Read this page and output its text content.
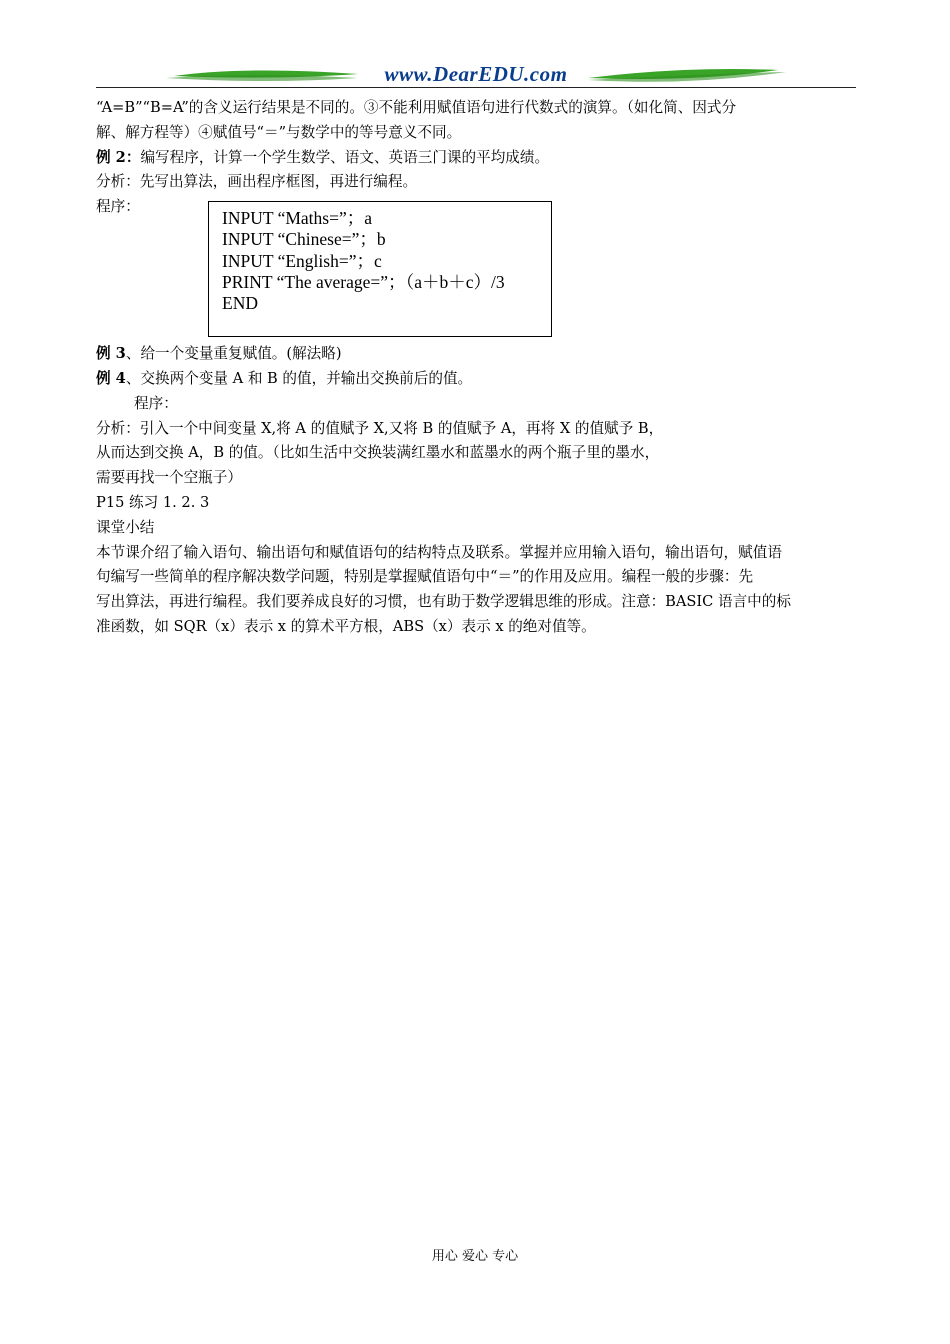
www.DearEDU.com

“A=B”“B=A”的含义运行结果是不同的。③不能利用赋值语句进行代数式的演算。（如化简、因式分

解、解方程等）④赋值号“＝”与数学中的等号意义不同。

例 2：编写程序，计算一个学生数学、语文、英语三门课的平均成绩。

分析：先写出算法，画出程序框图，再进行编程。

程序：
INPUT “Maths=”；a
INPUT “Chinese=”；b
INPUT “English=”；c
PRINT “The average=”；（a＋b＋c）/3
END

例 3、给一个变量重复赋值。(解法略)

例 4、交换两个变量 A 和 B 的值，并输出交换前后的值。

程序：

分析：引入一个中间变量 X,将 A 的值赋予 X,又将 B 的值赋予 A，再将 X 的值赋予 B，

从而达到交换 A，B 的值。（比如生活中交换装满红墨水和蓝墨水的两个瓶子里的墨水，

需要再找一个空瓶子）

P15 练习 1. 2. 3

课堂小结

本节课介绍了输入语句、输出语句和赋值语句的结构特点及联系。掌握并应用输入语句，输出语句，赋值语

句编写一些简单的程序解决数学问题，特别是掌握赋值语句中“＝”的作用及应用。编程一般的步骤：先

写出算法，再进行编程。我们要养成良好的习惯，也有助于数学逻辑思维的形成。注意：BASIC 语言中的标

准函数，如 SQR（x）表示 x 的算术平方根，ABS（x）表示 x 的绝对值等。

用心 爱心 专心
